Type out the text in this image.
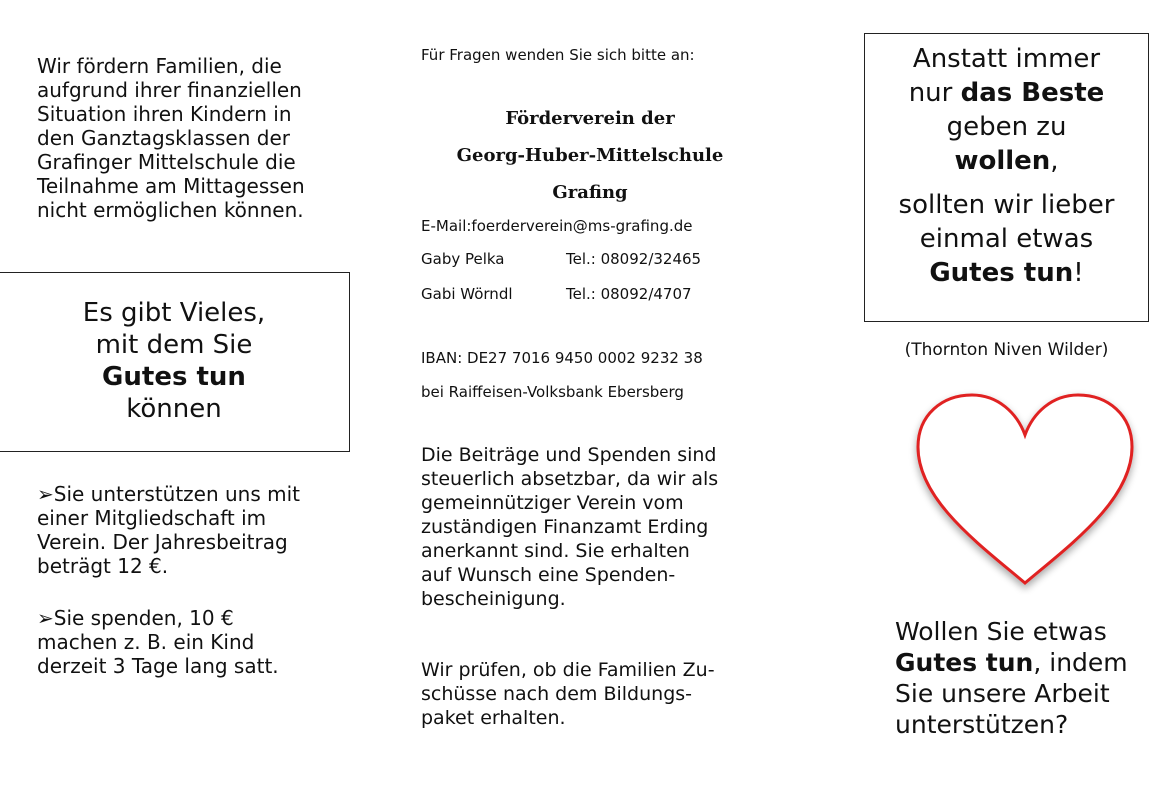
Wir fördern Familien, die
aufgrund ihrer finanziellen
Situation ihren Kindern in
den Ganztagsklassen der
Grafinger Mittelschule die
Teilnahme am Mittagessen
nicht ermöglichen können.
Es gibt Vieles,
mit dem Sie
Gutes tun
können
➢Sie unterstützen uns mit
einer Mitgliedschaft im
Verein. Der Jahresbeitrag
beträgt 12 €.
➢Sie spenden, 10 €
machen z. B. ein Kind
derzeit 3 Tage lang satt.
Für Fragen wenden Sie sich bitte an:
Förderverein der
Georg-Huber-Mittelschule
Grafing
E-Mail:foerderverein@ms-grafing.de
Gaby Pelka	Tel.: 08092/32465
Gabi Wörndl	Tel.: 08092/4707
IBAN: DE27 7016 9450 0002 9232 38
bei Raiffeisen-Volksbank Ebersberg
Die Beiträge und Spenden sind
steuerlich absetzbar, da wir als
gemeinnütziger Verein vom
zuständigen Finanzamt Erding
anerkannt sind. Sie erhalten
auf Wunsch eine Spenden-
bescheinigung.
Wir prüfen, ob die Familien Zu-
schüsse nach dem Bildungs-
paket erhalten.
Anstatt immer
nur das Beste
geben zu
wollen,
sollten wir lieber
einmal etwas
Gutes tun!
(Thornton Niven Wilder)
Wollen Sie etwas
Gutes tun, indem
Sie unsere Arbeit
unterstützen?
